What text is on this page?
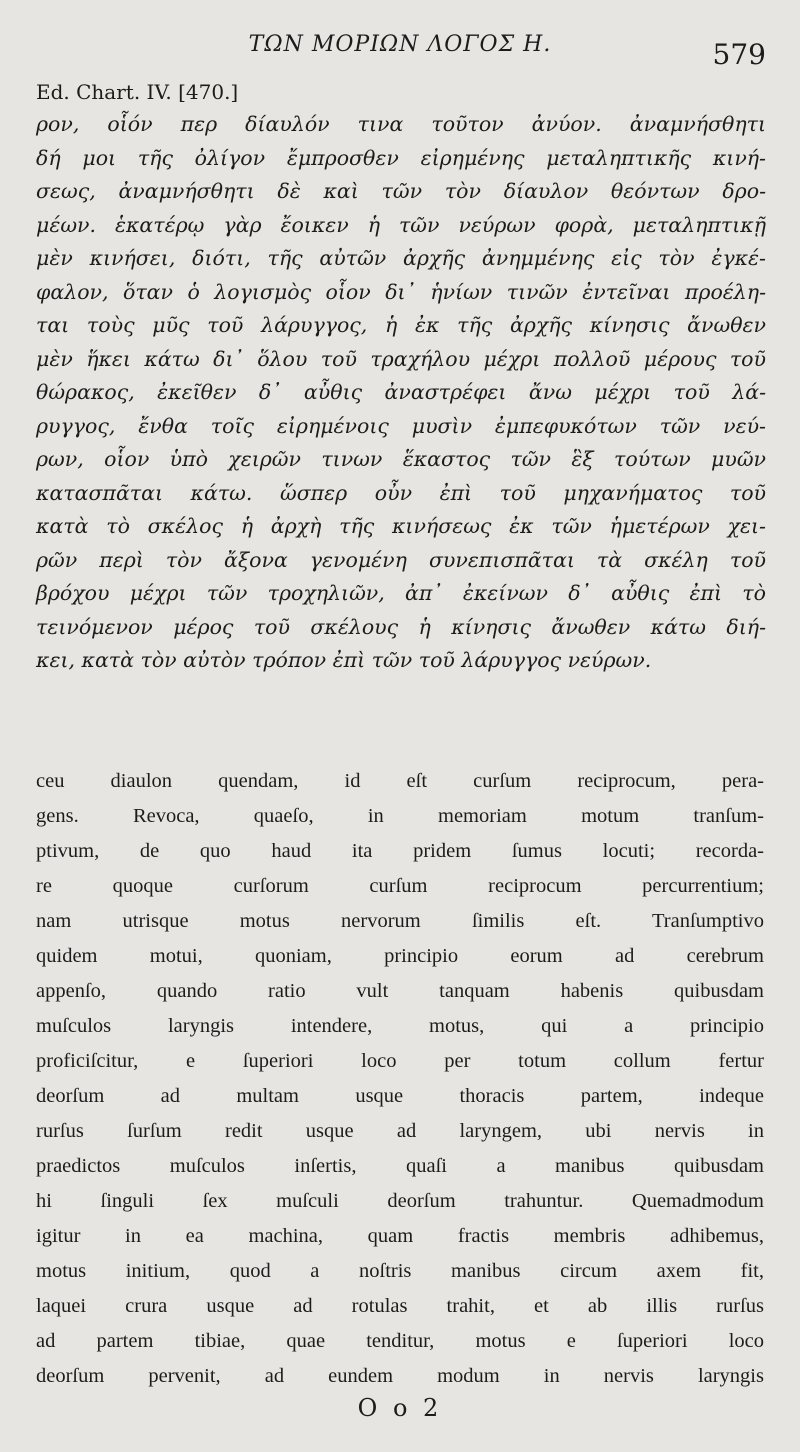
ΤΩΝ ΜΟΡΙΩΝ ΛΟΓΟΣ Η.	579
Ed. Chart. IV. [470.]
ρον, οἷόν περ δίαυλόν τινα τοῦτον ἀνύον. ἀναμνήσθητι
δή μοι τῆς ὀλίγον ἔμπροσθεν εἰρημένης μεταληπτικῆς κινή-
σεως, ἀναμνήσθητι δὲ καὶ τῶν τὸν δίαυλον θεόντων δρο-
μέων. ἑκατέρῳ γὰρ ἔοικεν ἡ τῶν νεύρων φορὰ, μεταληπτικῇ
μὲν κινήσει, διότι, τῆς αὐτῶν ἀρχῆς ἀνημμένης εἰς τὸν ἐγκέ-
φαλον, ὅταν ὁ λογισμὸς οἷον δι᾽ ἡνίων τινῶν ἐντεῖναι προέλη-
ται τοὺς μῦς τοῦ λάρυγγος, ἡ ἐκ τῆς ἀρχῆς κίνησις ἄνωθεν
μὲν ἥκει κάτω δι᾽ ὅλου τοῦ τραχήλου μέχρι πολλοῦ μέρους τοῦ
θώρακος, ἐκεῖθεν δ᾽ αὖθις ἀναστρέφει ἄνω μέχρι τοῦ λά-
ρυγγος, ἔνθα τοῖς εἰρημένοις μυσὶν ἐμπεφυκότων τῶν νεύ-
ρων, οἷον ὑπὸ χειρῶν τινων ἕκαστος τῶν ἓξ τούτων μυῶν
κατασπᾶται κάτω. ὥσπερ οὖν ἐπὶ τοῦ μηχανήματος τοῦ
κατὰ τὸ σκέλος ἡ ἀρχὴ τῆς κινήσεως ἐκ τῶν ἡμετέρων χει-
ρῶν περὶ τὸν ἄξονα γενομένη συνεπισπᾶται τὰ σκέλη τοῦ
βρόχου μέχρι τῶν τροχηλιῶν, ἀπ᾽ ἐκείνων δ᾽ αὖθις ἐπὶ τὸ
τεινόμενον μέρος τοῦ σκέλους ἡ κίνησις ἄνωθεν κάτω διή-
κει, κατὰ τὸν αὐτὸν τρόπον ἐπὶ τῶν τοῦ λάρυγγος νεύρων.
ceu diaulon quendam, id eſt curſum reciprocum, pera-
gens. Revoca, quaeſo, in memoriam motum tranſum-
ptivum, de quo haud ita pridem ſumus locuti; recorda-
re quoque curſorum curſum reciprocum percurrentium;
nam utrisque motus nervorum ſimilis eſt. Tranſumptivo
quidem motui, quoniam, principio eorum ad cerebrum
appenſo, quando ratio vult tanquam habenis quibusdam
muſculos laryngis intendere, motus, qui a principio
proficiſcitur, e ſuperiori loco per totum collum fertur
deorſum ad multam usque thoracis partem, indeque
rurſus ſurſum redit usque ad laryngem, ubi nervis in
praedictos muſculos inſertis, quaſi a manibus quibusdam
hi ſinguli ſex muſculi deorſum trahuntur. Quemadmodum
igitur in ea machina, quam fractis membris adhibemus,
motus initium, quod a noſtris manibus circum axem fit,
laquei crura usque ad rotulas trahit, et ab illis rurſus
ad partem tibiae, quae tenditur, motus e ſuperiori loco
deorſum pervenit, ad eundem modum in nervis laryngis
O o 2
